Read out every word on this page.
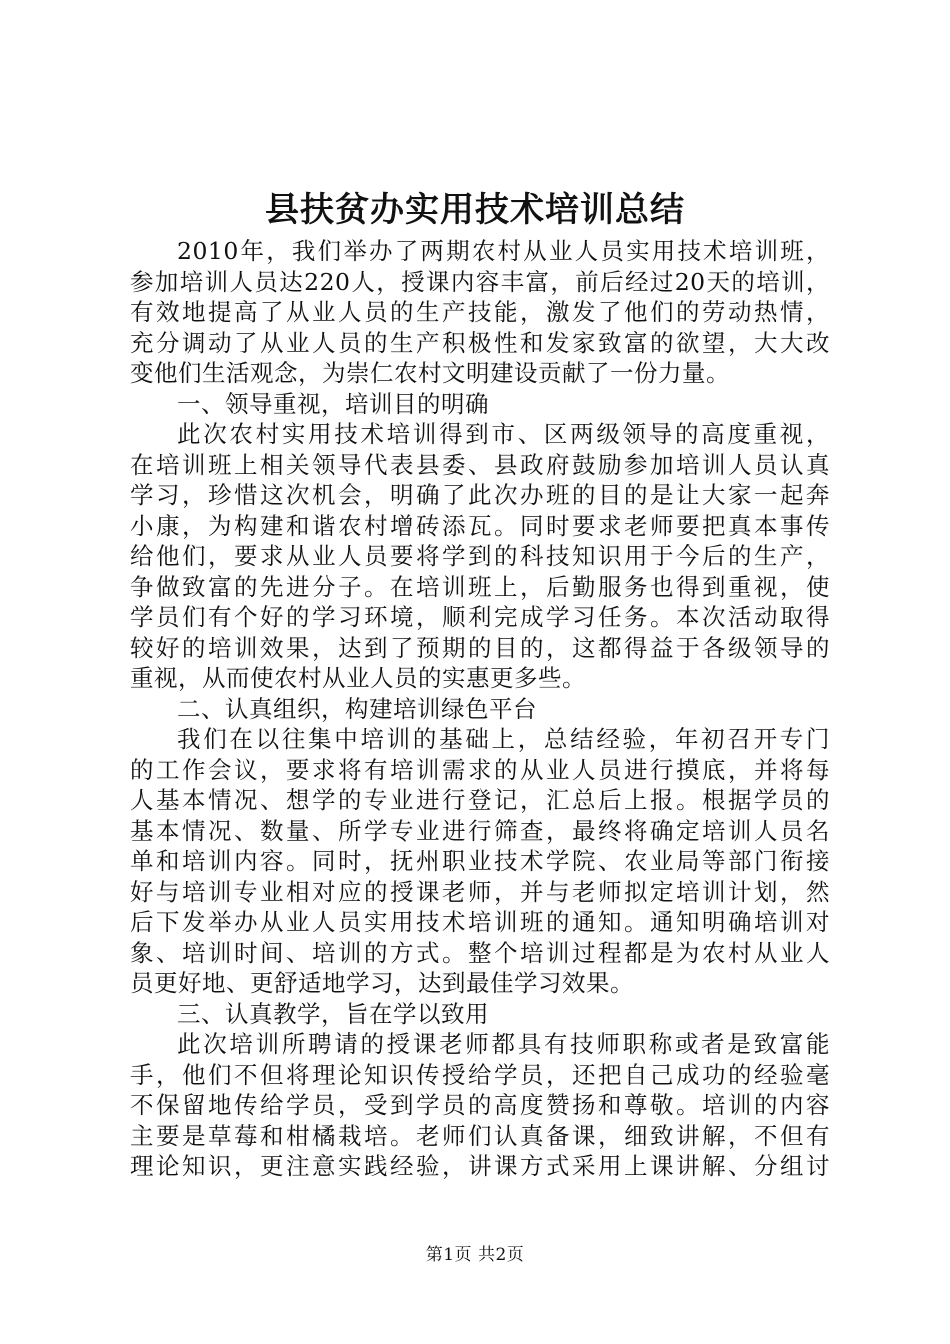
县扶贫办实用技术培训总结
2010年，我们举办了两期农村从业人员实用技术培训班，
参加培训人员达220人，授课内容丰富，前后经过20天的培训，
有效地提高了从业人员的生产技能，激发了他们的劳动热情，
充分调动了从业人员的生产积极性和发家致富的欲望，大大改
变他们生活观念，为崇仁农村文明建设贡献了一份力量。
一、领导重视，培训目的明确
此次农村实用技术培训得到市、区两级领导的高度重视，
在培训班上相关领导代表县委、县政府鼓励参加培训人员认真
学习，珍惜这次机会，明确了此次办班的目的是让大家一起奔
小康，为构建和谐农村增砖添瓦。同时要求老师要把真本事传
给他们，要求从业人员要将学到的科技知识用于今后的生产，
争做致富的先进分子。在培训班上，后勤服务也得到重视，使
学员们有个好的学习环境，顺利完成学习任务。本次活动取得
较好的培训效果，达到了预期的目的，这都得益于各级领导的
重视，从而使农村从业人员的实惠更多些。
二、认真组织，构建培训绿色平台
我们在以往集中培训的基础上，总结经验，年初召开专门
的工作会议，要求将有培训需求的从业人员进行摸底，并将每
人基本情况、想学的专业进行登记，汇总后上报。根据学员的
基本情况、数量、所学专业进行筛查，最终将确定培训人员名
单和培训内容。同时，抚州职业技术学院、农业局等部门衔接
好与培训专业相对应的授课老师，并与老师拟定培训计划，然
后下发举办从业人员实用技术培训班的通知。通知明确培训对
象、培训时间、培训的方式。整个培训过程都是为农村从业人
员更好地、更舒适地学习，达到最佳学习效果。
三、认真教学，旨在学以致用
此次培训所聘请的授课老师都具有技师职称或者是致富能
手，他们不但将理论知识传授给学员，还把自己成功的经验毫
不保留地传给学员，受到学员的高度赞扬和尊敬。培训的内容
主要是草莓和柑橘栽培。老师们认真备课，细致讲解，不但有
理论知识，更注意实践经验，讲课方式采用上课讲解、分组讨
第1页 共2页
